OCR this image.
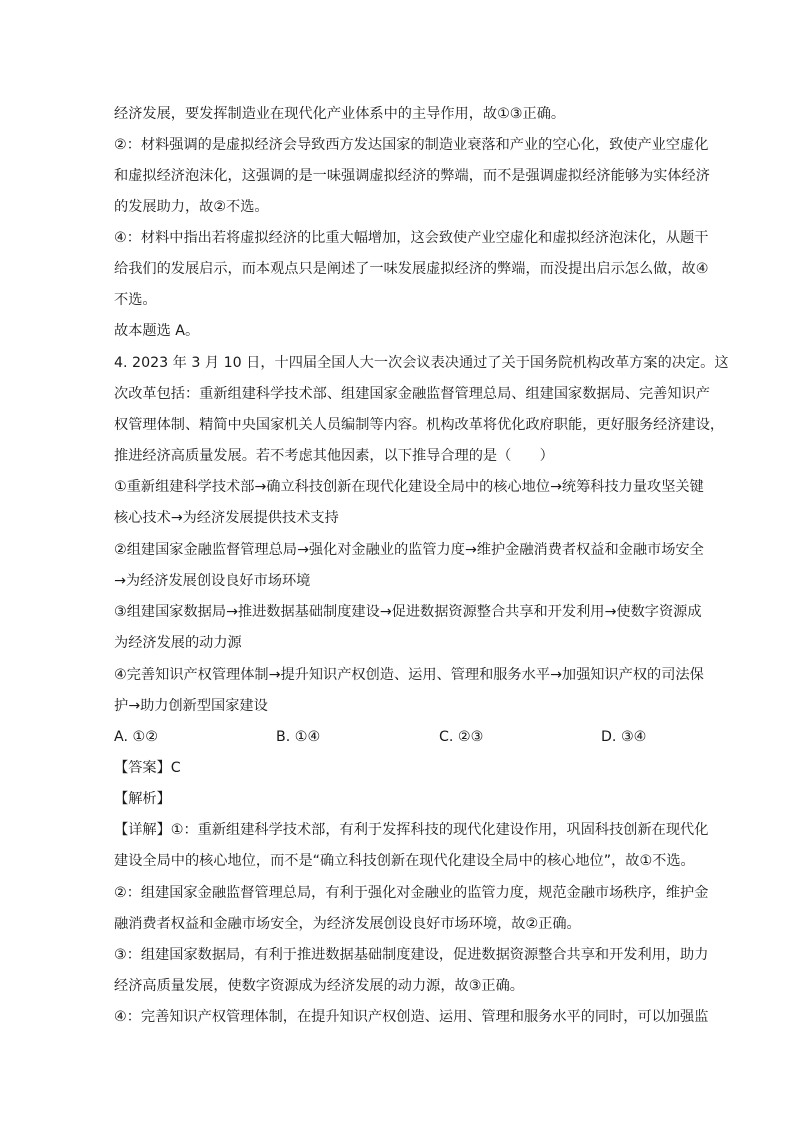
经济发展，要发挥制造业在现代化产业体系中的主导作用，故①③正确。
②：材料强调的是虚拟经济会导致西方发达国家的制造业衰落和产业的空心化，致使产业空虚化
和虚拟经济泡沫化，这强调的是一味强调虚拟经济的弊端，而不是强调虚拟经济能够为实体经济
的发展助力，故②不选。
④：材料中指出若将虚拟经济的比重大幅增加，这会致使产业空虚化和虚拟经济泡沫化，从题干
给我们的发展启示，而本观点只是阐述了一味发展虚拟经济的弊端，而没提出启示怎么做，故④
不选。
故本题选 A。
4. 2023 年 3 月 10 日，十四届全国人大一次会议表决通过了关于国务院机构改革方案的决定。这
次改革包括：重新组建科学技术部、组建国家金融监督管理总局、组建国家数据局、完善知识产
权管理体制、精简中央国家机关人员编制等内容。机构改革将优化政府职能，更好服务经济建设，
推进经济高质量发展。若不考虑其他因素，以下推导合理的是（　　）
①重新组建科学技术部→确立科技创新在现代化建设全局中的核心地位→统筹科技力量攻坚关键
核心技术→为经济发展提供技术支持
②组建国家金融监督管理总局→强化对金融业的监管力度→维护金融消费者权益和金融市场安全
→为经济发展创设良好市场环境
③组建国家数据局→推进数据基础制度建设→促进数据资源整合共享和开发利用→使数字资源成
为经济发展的动力源
④完善知识产权管理体制→提升知识产权创造、运用、管理和服务水平→加强知识产权的司法保
护→助力创新型国家建设
A. ①②	B. ①④	C. ②③	D. ③④
【答案】C
【解析】
【详解】①：重新组建科学技术部，有利于发挥科技的现代化建设作用，巩固科技创新在现代化
建设全局中的核心地位，而不是“确立科技创新在现代化建设全局中的核心地位”，故①不选。
②：组建国家金融监督管理总局，有利于强化对金融业的监管力度，规范金融市场秩序，维护金
融消费者权益和金融市场安全，为经济发展创设良好市场环境，故②正确。
③：组建国家数据局，有利于推进数据基础制度建设，促进数据资源整合共享和开发利用，助力
经济高质量发展，使数字资源成为经济发展的动力源，故③正确。
④：完善知识产权管理体制，在提升知识产权创造、运用、管理和服务水平的同时，可以加强监
